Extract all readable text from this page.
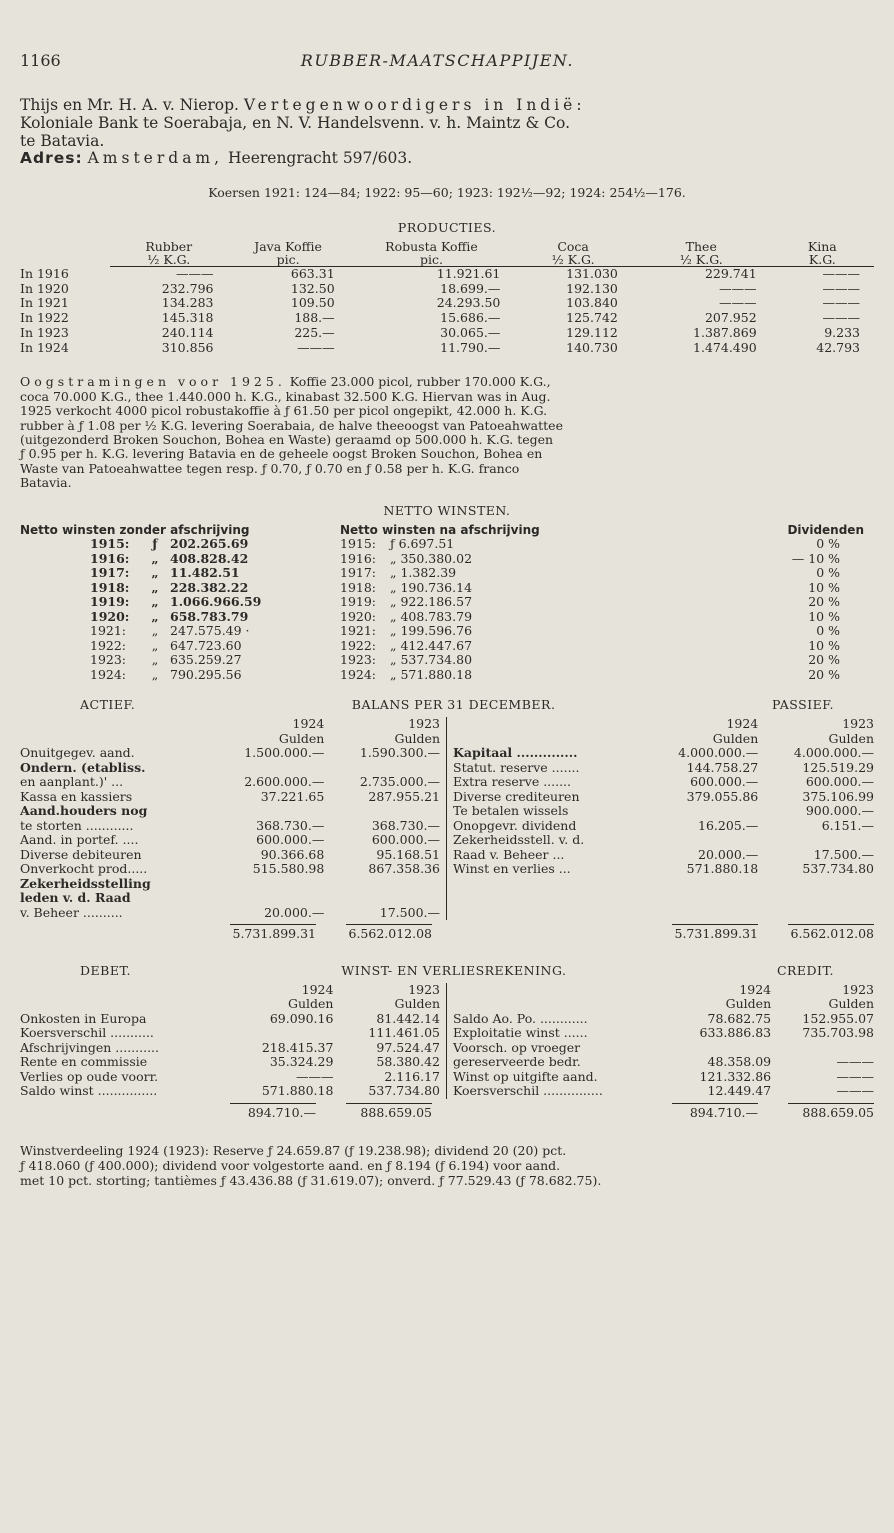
1166	RUBBER-MAATSCHAPPIJEN.
Thijs en Mr. H. A. v. Nierop. Vertegenwoordigers in Indië:
Koloniale Bank te Soerabaja, en N. V. Handelsvenn. v. h. Maintz & Co.
te Batavia.
Adres: Amsterdam, Heerengracht 597/603.
Koersen 1921: 124—84; 1922: 95—60; 1923: 192½—92; 1924: 254½—176.
PRODUCTIES.
	Rubber	Java Koffie	Robusta Koffie	Coca	Thee	Kina
	½ K.G.	pic.	pic.	½ K.G.	½ K.G.	K.G.
In 1916	———	663.31	11.921.61	131.030	229.741	———
In 1920	232.796	132.50	18.699.—	192.130	———	———
In 1921	134.283	109.50	24.293.50	103.840	———	———
In 1922	145.318	188.—	15.686.—	125.742	207.952	———
In 1923	240.114	225.—	30.065.—	129.112	1.387.869	9.233
In 1924	310.856	———	11.790.—	140.730	1.474.490	42.793
Oogstramingen voor 1925. Koffie 23.000 picol, rubber 170.000 K.G.,
coca 70.000 K.G., thee 1.440.000 h. K.G., kinabast 32.500 K.G. Hiervan was in Aug.
1925 verkocht 4000 picol robustakoffie à ƒ 61.50 per picol ongepikt, 42.000 h. K.G.
rubber à ƒ 1.08 per ½ K.G. levering Soerabaia, de halve theeoogst van Patoeahwattee
(uitgezonderd Broken Souchon, Bohea en Waste) geraamd op 500.000 h. K.G. tegen
ƒ 0.95 per h. K.G. levering Batavia en de geheele oogst Broken Souchon, Bohea en
Waste van Patoeahwattee tegen resp. ƒ 0.70, ƒ 0.70 en ƒ 0.58 per h. K.G. franco
Batavia.
NETTO WINSTEN.
Netto winsten zonder afschrijving			Netto winsten na afschrijving		Dividenden
1915:	ƒ	202.265.69	1915:	ƒ 6.697.51	0 %
1916:	„	408.828.42	1916:	„ 350.380.02	— 10 %
1917:	„	11.482.51	1917:	„ 1.382.39	0 %
1918:	„	228.382.22	1918:	„ 190.736.14	10 %
1919:	„	1.066.966.59	1919:	„ 922.186.57	20 %
1920:	„	658.783.79	1920:	„ 408.783.79	10 %
1921:	„	247.575.49 ·	1921:	„ 199.596.76	0 %
1922:	„	647.723.60	1922:	„ 412.447.67	10 %
1923:	„	635.259.27	1923:	„ 537.734.80	20 %
1924:	„	790.295.56	1924:	„ 571.880.18	20 %
ACTIEF.	BALANS PER 31 DECEMBER.	PASSIEF.
	1924	1923
	Gulden	Gulden
Onuitgegev. aand.	1.500.000.—	1.590.300.—
Ondern. (etabliss.		
en aanplant.)' ...	2.600.000.—	2.735.000.—
Kassa en kassiers	37.221.65	287.955.21
Aand.houders nog		
te storten ............	368.730.—	368.730.—
Aand. in portef. ....	600.000.—	600.000.—
Diverse debiteuren	90.366.68	95.168.51
Onverkocht prod.....	515.580.98	867.358.36
Zekerheidsstelling		
leden v. d. Raad		
v. Beheer ..........	20.000.—	17.500.—
	1924	1923
	Gulden	Gulden
Kapitaal ..............	4.000.000.—	4.000.000.—
Statut. reserve .......	144.758.27	125.519.29
Extra reserve .......	600.000.—	600.000.—
Diverse crediteuren	379.055.86	375.106.99
Te betalen wissels		900.000.—
Onopgevr. dividend	16.205.—	6.151.—
Zekerheidsstell. v. d.		
Raad v. Beheer ...	20.000.—	17.500.—
Winst en verlies ...	571.880.18	537.734.80
5.731.899.31	6.562.012.08	5.731.899.31	6.562.012.08
DEBET.	WINST- EN VERLIESREKENING.	CREDIT.
	1924	1923
	Gulden	Gulden
Onkosten in Europa	69.090.16	81.442.14
Koersverschil ...........		111.461.05
Afschrijvingen ...........	218.415.37	97.524.47
Rente en commissie	35.324.29	58.380.42
Verlies op oude voorr.	———	2.116.17
Saldo winst ...............	571.880.18	537.734.80
	1924	1923
	Gulden	Gulden
Saldo Ao. Po. ............	78.682.75	152.955.07
Exploitatie winst ......	633.886.83	735.703.98
Voorsch. op vroeger		
gereserveerde bedr.	48.358.09	———
Winst op uitgifte aand.	121.332.86	———
Koersverschil ...............	12.449.47	———
894.710.—	888.659.05	894.710.—	888.659.05
Winstverdeeling 1924 (1923): Reserve ƒ 24.659.87 (ƒ 19.238.98); dividend 20 (20) pct.
ƒ 418.060 (ƒ 400.000); dividend voor volgestorte aand. en ƒ 8.194 (ƒ 6.194) voor aand.
met 10 pct. storting; tantièmes ƒ 43.436.88 (ƒ 31.619.07); onverd. ƒ 77.529.43 (ƒ 78.682.75).
